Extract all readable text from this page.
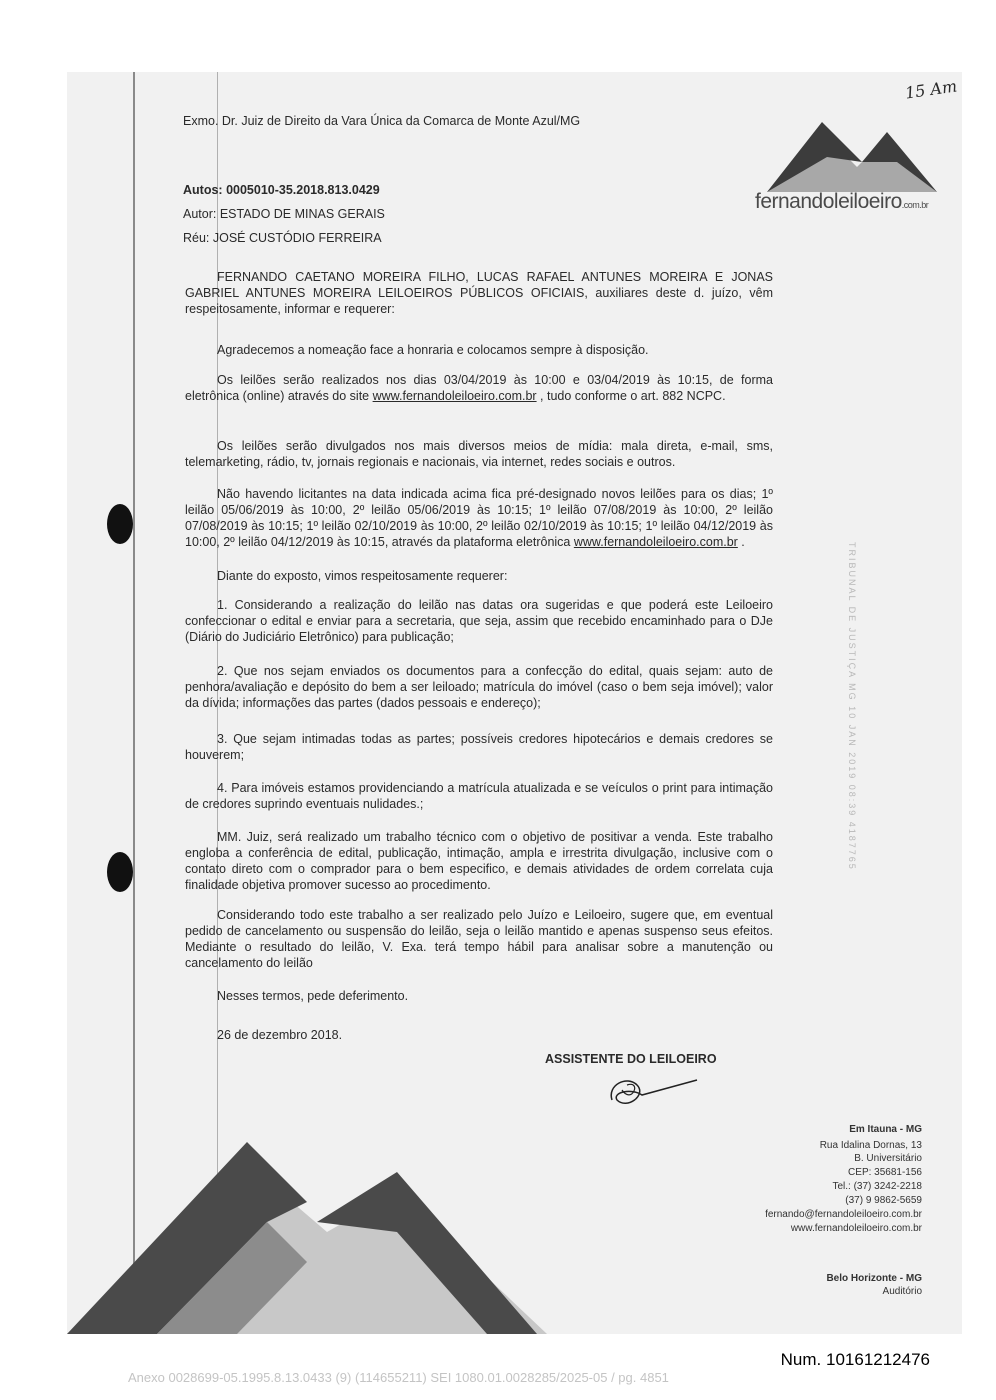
Exmo. Dr. Juiz de Direito da Vara Única da Comarca de Monte Azul/MG
15 Am
fernandoleiloeiro.com.br
Autos: 0005010-35.2018.813.0429
Autor: ESTADO DE MINAS GERAIS
Réu: JOSÉ CUSTÓDIO FERREIRA
FERNANDO CAETANO MOREIRA FILHO, LUCAS RAFAEL ANTUNES MOREIRA E JONAS GABRIEL ANTUNES MOREIRA LEILOEIROS PÚBLICOS OFICIAIS, auxiliares deste d. juízo, vêm respeitosamente, informar e requerer:
Agradecemos a nomeação face a honraria e colocamos sempre à disposição.
Os leilões serão realizados nos dias 03/04/2019 às 10:00 e 03/04/2019 às 10:15, de forma eletrônica (online) através do site www.fernandoleiloeiro.com.br , tudo conforme o art. 882 NCPC.
Os leilões serão divulgados nos mais diversos meios de mídia: mala direta, e-mail, sms, telemarketing, rádio, tv, jornais regionais e nacionais, via internet, redes sociais e outros.
Não havendo licitantes na data indicada acima fica pré-designado novos leilões para os dias; 1º leilão 05/06/2019 às 10:00, 2º leilão 05/06/2019 às 10:15; 1º leilão 07/08/2019 às 10:00, 2º leilão 07/08/2019 às 10:15; 1º leilão 02/10/2019 às 10:00, 2º leilão 02/10/2019 às 10:15; 1º leilão 04/12/2019 às 10:00, 2º leilão 04/12/2019 às 10:15, através da plataforma eletrônica www.fernandoleiloeiro.com.br .
Diante do exposto, vimos respeitosamente requerer:
1. Considerando a realização do leilão nas datas ora sugeridas e que poderá este Leiloeiro confeccionar o edital e enviar para a secretaria, que seja, assim que recebido encaminhado para o DJe (Diário do Judiciário Eletrônico) para publicação;
2. Que nos sejam enviados os documentos para a confecção do edital, quais sejam: auto de penhora/avaliação e depósito do bem a ser leiloado; matrícula do imóvel (caso o bem seja imóvel); valor da dívida; informações das partes (dados pessoais e endereço);
3. Que sejam intimadas todas as partes; possíveis credores hipotecários e demais credores se houverem;
4. Para imóveis estamos providenciando a matrícula atualizada e se veículos o print para intimação de credores suprindo eventuais nulidades.;
MM. Juiz, será realizado um trabalho técnico com o objetivo de positivar a venda. Este trabalho engloba a conferência de edital, publicação, intimação, ampla e irrestrita divulgação, inclusive com o contato direto com o comprador para o bem especifico, e demais atividades de ordem correlata cuja finalidade objetiva promover sucesso ao procedimento.
Considerando todo este trabalho a ser realizado pelo Juízo e Leiloeiro, sugere que, em eventual pedido de cancelamento ou suspensão do leilão, seja o leilão mantido e apenas suspenso seus efeitos. Mediante o resultado do leilão, V. Exa. terá tempo hábil para analisar sobre a manutenção ou cancelamento do leilão
Nesses termos, pede deferimento.
26 de dezembro 2018.
ASSISTENTE DO LEILOEIRO
TRIBUNAL DE JUSTIÇA MG 10 JAN 2019 08:39 4187765
Em Itauna - MG
Rua Idalina Dornas, 13
B. Universitário
CEP: 35681-156
Tel.: (37) 3242-2218
(37) 9 9862-5659
fernando@fernandoleiloeiro.com.br
www.fernandoleiloeiro.com.br
Belo Horizonte - MG
Auditório
Num. 10161212476
Anexo 0028699-05.1995.8.13.0433 (9) (114655211) SEI 1080.01.0028285/2025-05 / pg. 4851
